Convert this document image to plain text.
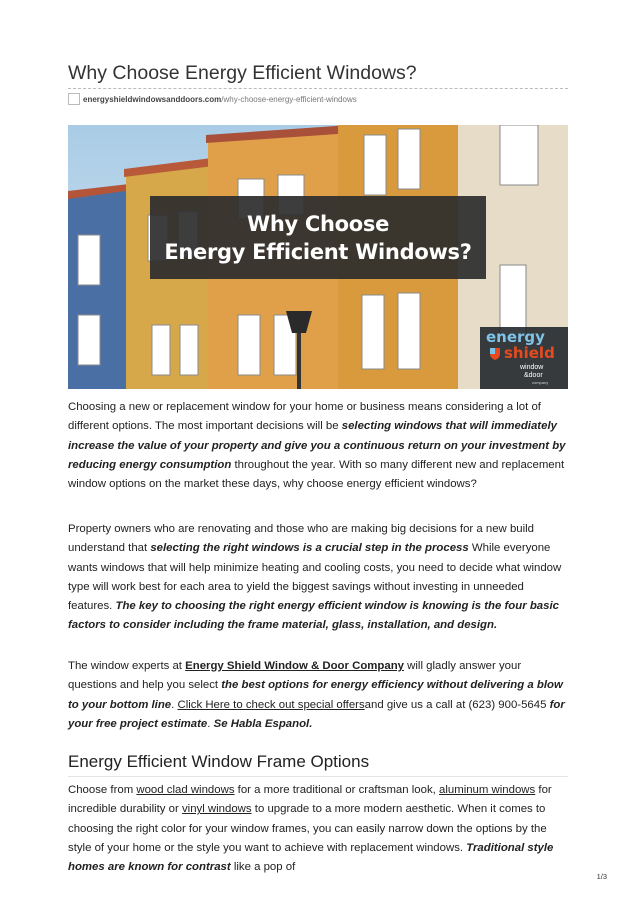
Why Choose Energy Efficient Windows?
energyshieldwindowsanddoors.com /why-choose-energy-efficient-windows
Why Choose
Energy Efficient Windows?
energy
shield
window
&door
company

Choosing a new or replacement window for your home or business means considering a lot of different options. The most important decisions will be selecting windows that will immediately increase the value of your property and give you a continuous return on your investment by reducing energy consumption throughout the year. With so many different new and replacement window options on the market these days, why choose energy efficient windows?

Property owners who are renovating and those who are making big decisions for a new build understand that selecting the right windows is a crucial step in the process While everyone wants windows that will help minimize heating and cooling costs, you need to decide what window type will work best for each area to yield the biggest savings without investing in unneeded features. The key to choosing the right energy efficient window is knowing is the four basic factors to consider including the frame material, glass, installation, and design.

The window experts at Energy Shield Window & Door Company will gladly answer your questions and help you select the best options for energy efficiency without delivering a blow to your bottom line. Click Here to check out special offersand give us a call at (623) 900-5645 for your free project estimate. Se Habla Espanol.

Energy Efficient Window Frame Options

Choose from wood clad windows for a more traditional or craftsman look, aluminum windows for incredible durability or vinyl windows to upgrade to a more modern aesthetic. When it comes to choosing the right color for your window frames, you can easily narrow down the options by the style of your home or the style you want to achieve with replacement windows. Traditional style homes are known for contrast like a pop of

1/3
